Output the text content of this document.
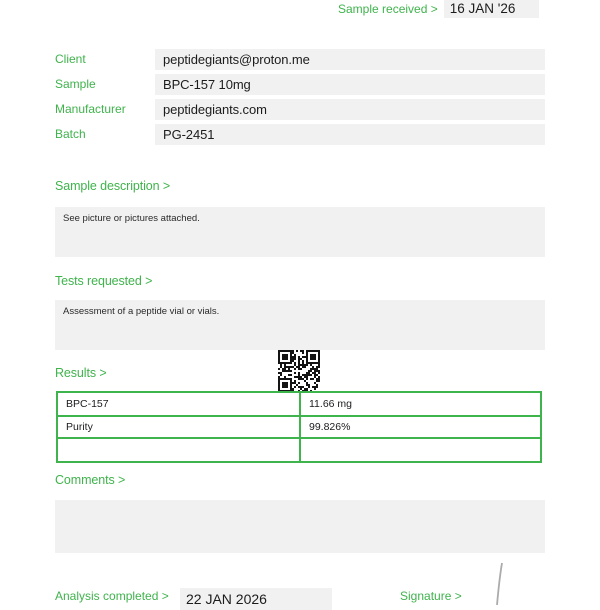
Sample received > 16 JAN '26
Client	peptidegiants@proton.me
Sample	BPC-157 10mg
Manufacturer	peptidegiants.com
Batch	PG-2451
Sample description >
See picture or pictures attached.
Tests requested >
Assessment of a peptide vial or vials.
Results >
BPC-157	11.66 mg
Purity	99.826%
Comments >
Analysis completed >	22 JAN 2026	Signature >
